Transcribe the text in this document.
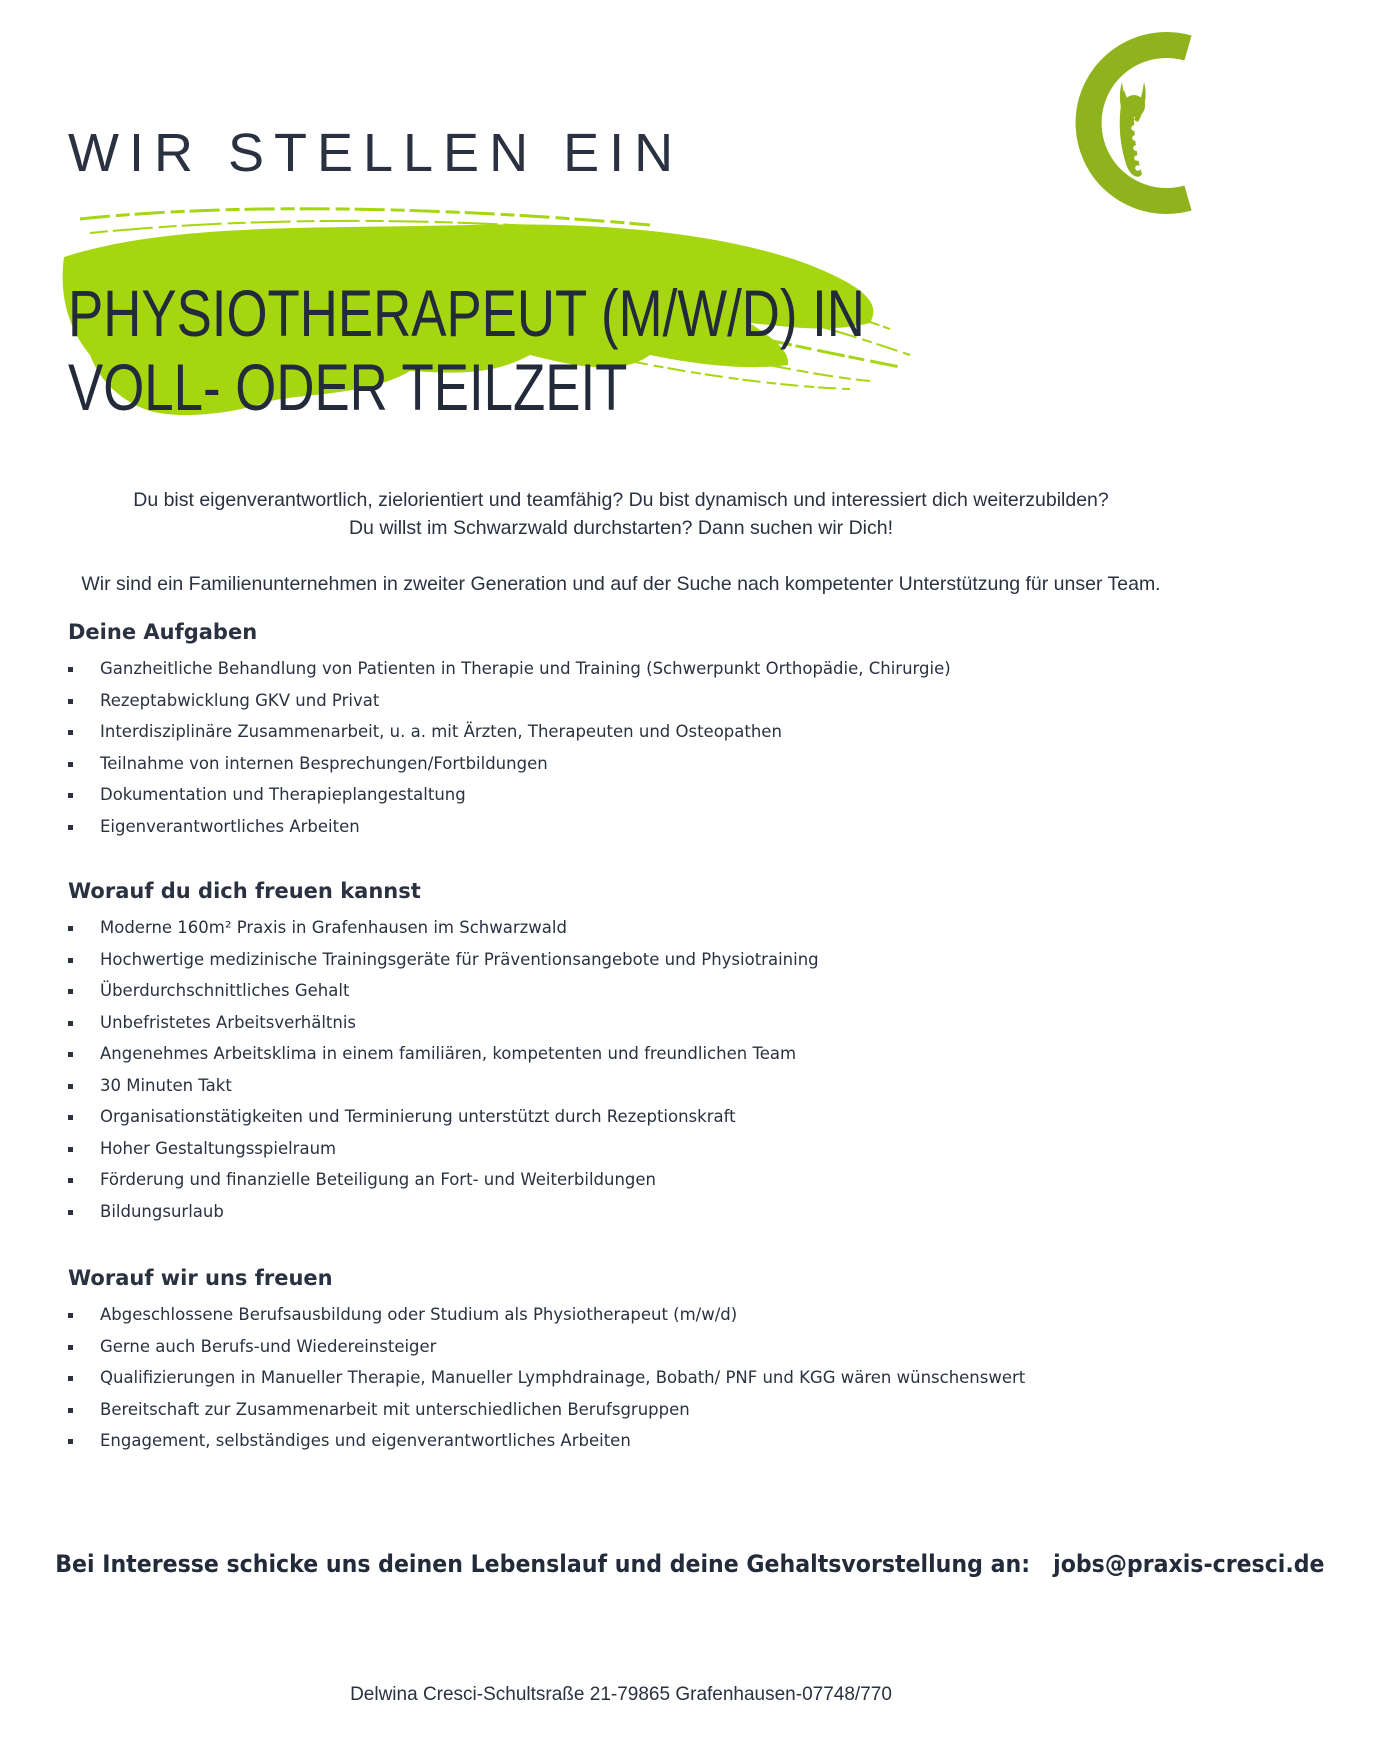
WIR STELLEN EIN
PHYSIOTHERAPEUT (M/W/D) IN
VOLL- ODER TEILZEIT

Du bist eigenverantwortlich, zielorientiert und teamfähig? Du bist dynamisch und interessiert dich weiterzubilden?

Du willst im Schwarzwald durchstarten? Dann suchen wir Dich!

Wir sind ein Familienunternehmen in zweiter Generation und auf der Suche nach kompetenter Unterstützung für unser Team.

Deine Aufgaben
Ganzheitliche Behandlung von Patienten in Therapie und Training (Schwerpunkt Orthopädie, Chirurgie)
Rezeptabwicklung GKV und Privat
Interdisziplinäre Zusammenarbeit, u. a. mit Ärzten, Therapeuten und Osteopathen
Teilnahme von internen Besprechungen/Fortbildungen
Dokumentation und Therapieplangestaltung
Eigenverantwortliches Arbeiten
Worauf du dich freuen kannst
Moderne 160m² Praxis in Grafenhausen im Schwarzwald
Hochwertige medizinische Trainingsgeräte für Präventionsangebote und Physiotraining
Überdurchschnittliches Gehalt
Unbefristetes Arbeitsverhältnis
Angenehmes Arbeitsklima in einem familiären, kompetenten und freundlichen Team
30 Minuten Takt
Organisationstätigkeiten und Terminierung unterstützt durch Rezeptionskraft
Hoher Gestaltungsspielraum
Förderung und finanzielle Beteiligung an Fort- und Weiterbildungen
Bildungsurlaub
Worauf wir uns freuen
Abgeschlossene Berufsausbildung oder Studium als Physiotherapeut (m/w/d)
Gerne auch Berufs-und Wiedereinsteiger
Qualifizierungen in Manueller Therapie, Manueller Lymphdrainage, Bobath/ PNF und KGG wären wünschenswert
Bereitschaft zur Zusammenarbeit mit unterschiedlichen Berufsgruppen
Engagement, selbständiges und eigenverantwortliches Arbeiten
Bei Interesse schicke uns deinen Lebenslauf und deine Gehaltsvorstellung an: jobs@praxis-cresci.de
Delwina Cresci-Schultsraße 21-79865 Grafenhausen-07748/770
